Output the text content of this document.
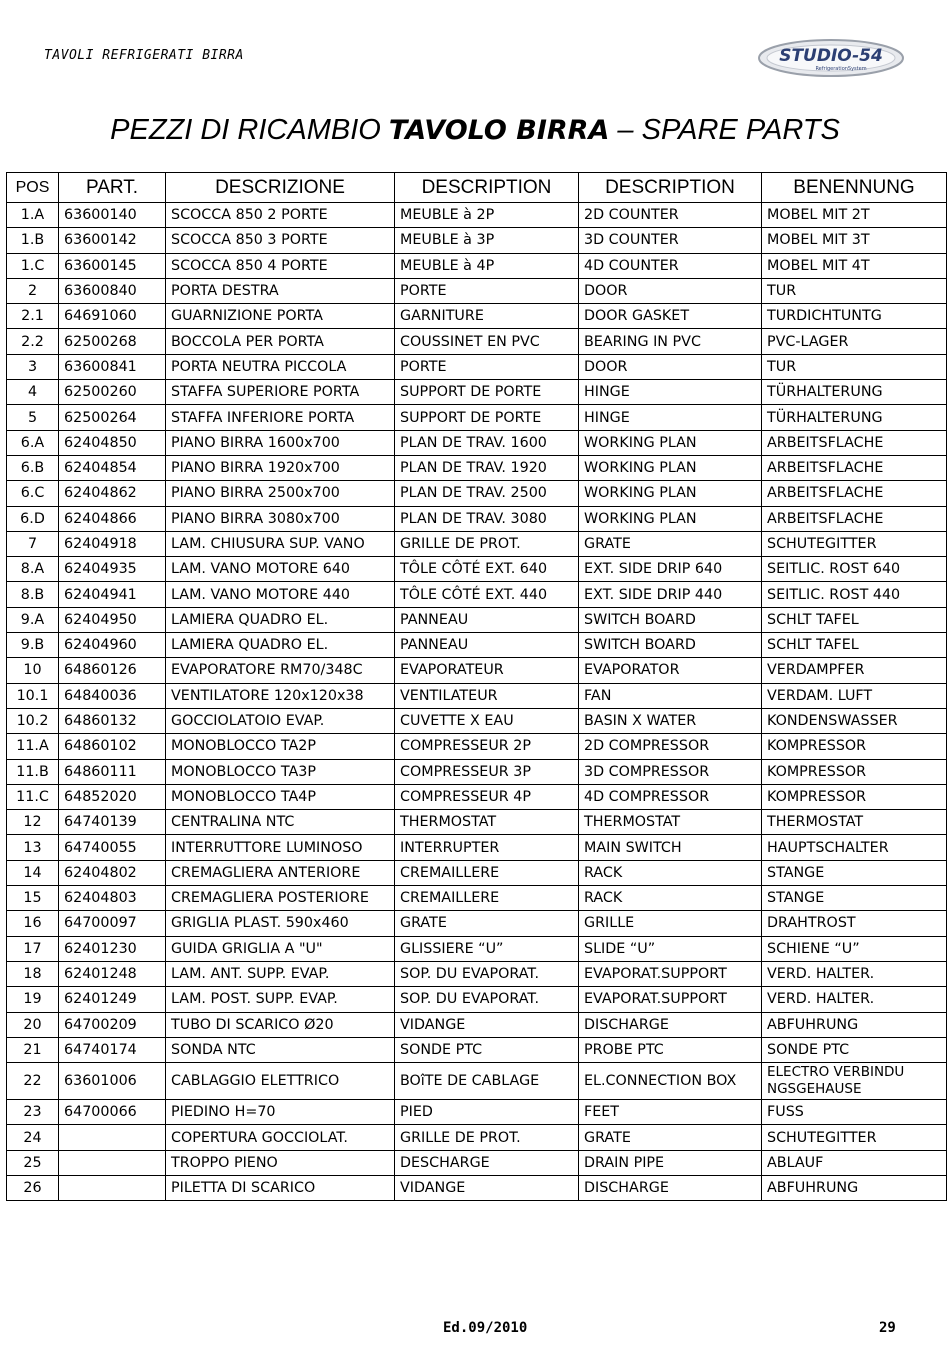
TAVOLI REFRIGERATI BIRRA	STUDIO-54
RefrigerationSystem
PEZZI DI RICAMBIO TAVOLO BIRRA – SPARE PARTS
POS	PART.	DESCRIZIONE	DESCRIPTION	DESCRIPTION	BENENNUNG
1.A	63600140	SCOCCA 850 2 PORTE	MEUBLE à 2P	2D COUNTER	MOBEL MIT 2T
1.B	63600142	SCOCCA 850 3 PORTE	MEUBLE à 3P	3D COUNTER	MOBEL MIT 3T
1.C	63600145	SCOCCA 850 4 PORTE	MEUBLE à 4P	4D COUNTER	MOBEL MIT 4T
2	63600840	PORTA DESTRA	PORTE	DOOR	TUR
2.1	64691060	GUARNIZIONE PORTA	GARNITURE	DOOR GASKET	TURDICHTUNTG
2.2	62500268	BOCCOLA PER PORTA	COUSSINET EN PVC	BEARING IN PVC	PVC-LAGER
3	63600841	PORTA NEUTRA PICCOLA	PORTE	DOOR	TUR
4	62500260	STAFFA SUPERIORE PORTA	SUPPORT DE PORTE	HINGE	TÜRHALTERUNG
5	62500264	STAFFA INFERIORE PORTA	SUPPORT DE PORTE	HINGE	TÜRHALTERUNG
6.A	62404850	PIANO BIRRA 1600x700	PLAN DE TRAV. 1600	WORKING PLAN	ARBEITSFLACHE
6.B	62404854	PIANO BIRRA 1920x700	PLAN DE TRAV. 1920	WORKING PLAN	ARBEITSFLACHE
6.C	62404862	PIANO BIRRA 2500x700	PLAN DE TRAV. 2500	WORKING PLAN	ARBEITSFLACHE
6.D	62404866	PIANO BIRRA 3080x700	PLAN DE TRAV. 3080	WORKING PLAN	ARBEITSFLACHE
7	62404918	LAM. CHIUSURA SUP. VANO	GRILLE DE PROT.	GRATE	SCHUTEGITTER
8.A	62404935	LAM. VANO MOTORE 640	TÔLE CÔTÉ EXT. 640	EXT. SIDE DRIP 640	SEITLIC. ROST 640
8.B	62404941	LAM. VANO MOTORE 440	TÔLE CÔTÉ EXT. 440	EXT. SIDE DRIP 440	SEITLIC. ROST 440
9.A	62404950	LAMIERA QUADRO EL.	PANNEAU	SWITCH BOARD	SCHLT TAFEL
9.B	62404960	LAMIERA QUADRO EL.	PANNEAU	SWITCH BOARD	SCHLT TAFEL
10	64860126	EVAPORATORE RM70/348C	EVAPORATEUR	EVAPORATOR	VERDAMPFER
10.1	64840036	VENTILATORE 120x120x38	VENTILATEUR	FAN	VERDAM. LUFT
10.2	64860132	GOCCIOLATOIO EVAP.	CUVETTE X EAU	BASIN X WATER	KONDENSWASSER
11.A	64860102	MONOBLOCCO TA2P	COMPRESSEUR 2P	2D COMPRESSOR	KOMPRESSOR
11.B	64860111	MONOBLOCCO TA3P	COMPRESSEUR 3P	3D COMPRESSOR	KOMPRESSOR
11.C	64852020	MONOBLOCCO TA4P	COMPRESSEUR 4P	4D COMPRESSOR	KOMPRESSOR
12	64740139	CENTRALINA NTC	THERMOSTAT	THERMOSTAT	THERMOSTAT
13	64740055	INTERRUTTORE LUMINOSO	INTERRUPTER	MAIN SWITCH	HAUPTSCHALTER
14	62404802	CREMAGLIERA ANTERIORE	CREMAILLERE	RACK	STANGE
15	62404803	CREMAGLIERA POSTERIORE	CREMAILLERE	RACK	STANGE
16	64700097	GRIGLIA PLAST. 590x460	GRATE	GRILLE	DRAHTROST
17	62401230	GUIDA GRIGLIA A "U"	GLISSIERE “U”	SLIDE “U”	SCHIENE “U”
18	62401248	LAM. ANT. SUPP. EVAP.	SOP. DU EVAPORAT.	EVAPORAT.SUPPORT	VERD. HALTER.
19	62401249	LAM. POST. SUPP. EVAP.	SOP. DU EVAPORAT.	EVAPORAT.SUPPORT	VERD. HALTER.
20	64700209	TUBO DI SCARICO Ø20	VIDANGE	DISCHARGE	ABFUHRUNG
21	64740174	SONDA NTC	SONDE PTC	PROBE PTC	SONDE PTC
22	63601006	CABLAGGIO ELETTRICO	BOîTE DE CABLAGE	EL.CONNECTION BOX	ELECTRO VERBINDU NGSGEHAUSE
23	64700066	PIEDINO H=70	PIED	FEET	FUSS
24		COPERTURA GOCCIOLAT.	GRILLE DE PROT.	GRATE	SCHUTEGITTER
25		TROPPO PIENO	DESCHARGE	DRAIN PIPE	ABLAUF
26		PILETTA DI SCARICO	VIDANGE	DISCHARGE	ABFUHRUNG
Ed.09/2010	29
